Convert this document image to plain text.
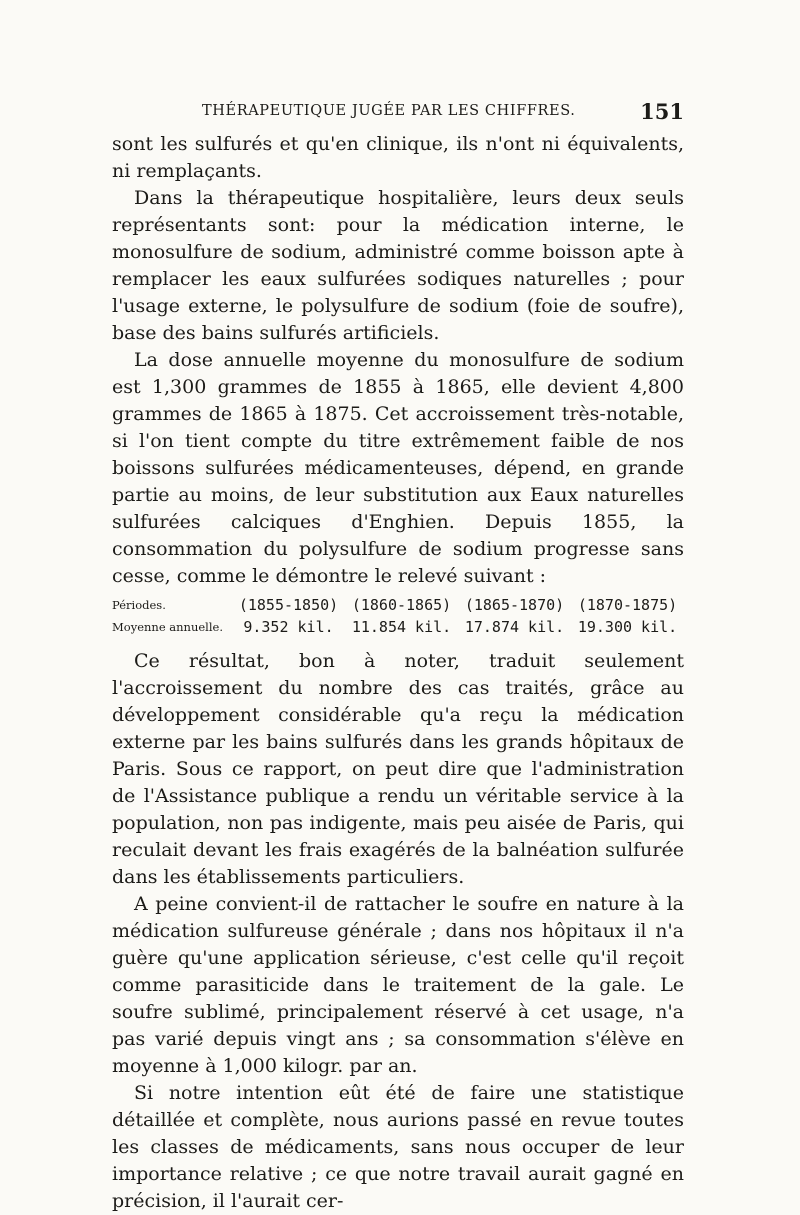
THÉRAPEUTIQUE JUGÉE PAR LES CHIFFRES.	151

sont les sulfurés et qu'en clinique, ils n'ont ni équivalents, ni remplaçants.

Dans la thérapeutique hospitalière, leurs deux seuls représentants sont: pour la médication interne, le monosulfure de sodium, administré comme boisson apte à remplacer les eaux sulfurées sodiques naturelles ; pour l'usage externe, le polysulfure de sodium (foie de soufre), base des bains sulfurés artificiels.

La dose annuelle moyenne du monosulfure de sodium est 1,300 grammes de 1855 à 1865, elle devient 4,800 grammes de 1865 à 1875. Cet accroissement très-notable, si l'on tient compte du titre extrêmement faible de nos boissons sulfurées médicamenteuses, dépend, en grande partie au moins, de leur substitution aux Eaux naturelles sulfurées calciques d'Enghien. Depuis 1855, la consommation du polysulfure de sodium progresse sans cesse, comme le démontre le relevé suivant :

Périodes.	(1855-1850)	(1860-1865)	(1865-1870)	(1870-1875)
Moyenne annuelle.	9.352 kil.	11.854 kil.	17.874 kil.	19.300 kil.

Ce résultat, bon à noter, traduit seulement l'accroissement du nombre des cas traités, grâce au développement considérable qu'a reçu la médication externe par les bains sulfurés dans les grands hôpitaux de Paris. Sous ce rapport, on peut dire que l'administration de l'Assistance publique a rendu un véritable service à la population, non pas indigente, mais peu aisée de Paris, qui reculait devant les frais exagérés de la balnéation sulfurée dans les établissements particuliers.

A peine convient-il de rattacher le soufre en nature à la médication sulfureuse générale ; dans nos hôpitaux il n'a guère qu'une application sérieuse, c'est celle qu'il reçoit comme parasiticide dans le traitement de la gale. Le soufre sublimé, principalement réservé à cet usage, n'a pas varié depuis vingt ans ; sa consommation s'élève en moyenne à 1,000 kilogr. par an.

Si notre intention eût été de faire une statistique détaillée et complète, nous aurions passé en revue toutes les classes de médicaments, sans nous occuper de leur importance relative ; ce que notre travail aurait gagné en précision, il l'aurait cer-
